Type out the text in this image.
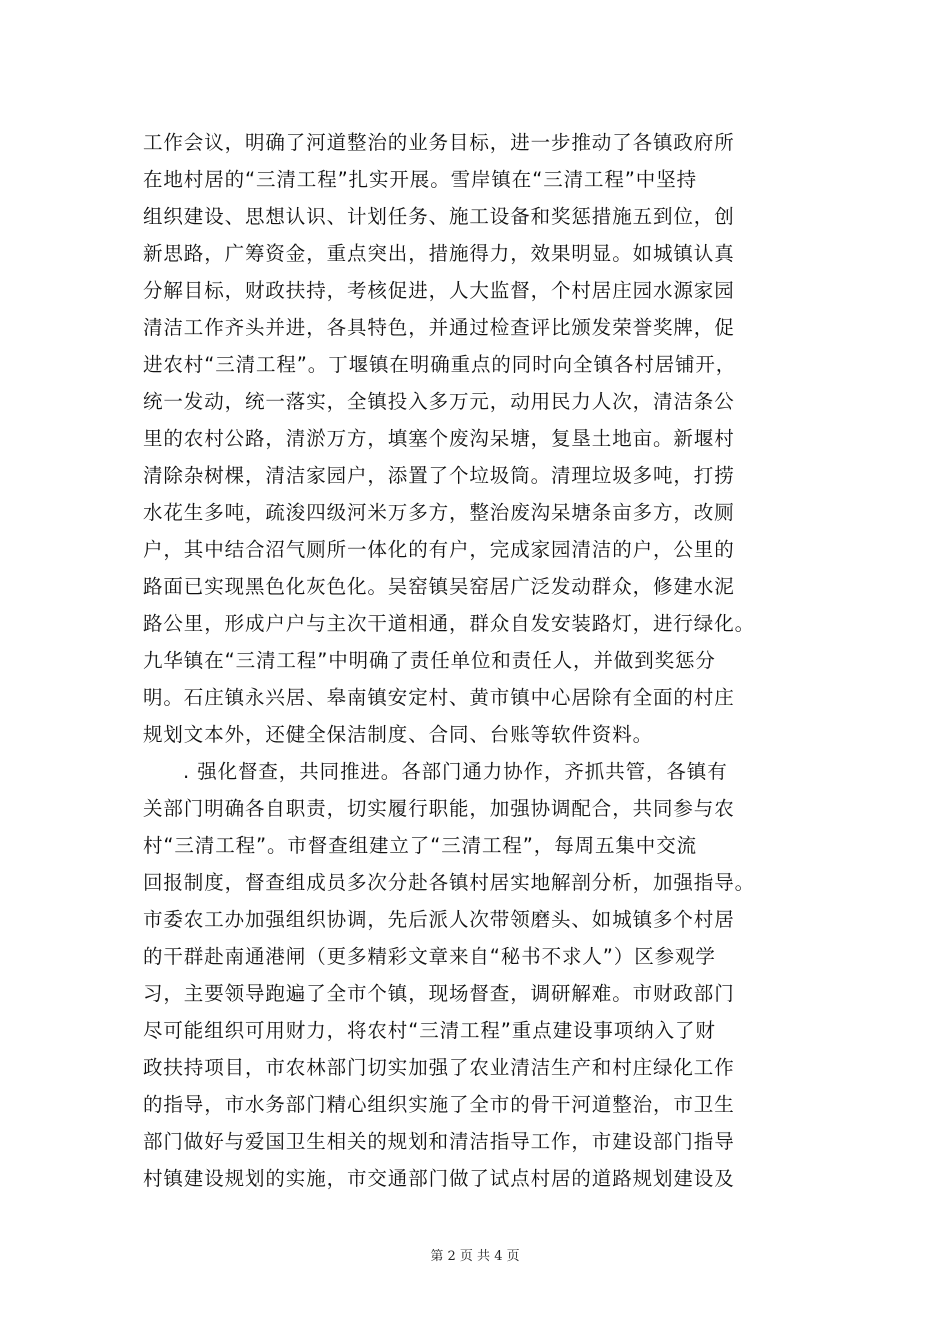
工作会议，明确了河道整治的业务目标，进一步推动了各镇政府所
在地村居的“三清工程”扎实开展。雪岸镇在“三清工程”中坚持
组织建设、思想认识、计划任务、施工设备和奖惩措施五到位，创
新思路，广筹资金，重点突出，措施得力，效果明显。如城镇认真
分解目标，财政扶持，考核促进，人大监督，个村居庄园水源家园
清洁工作齐头并进，各具特色，并通过检查评比颁发荣誉奖牌，促
进农村“三清工程”。丁堰镇在明确重点的同时向全镇各村居铺开，
统一发动，统一落实，全镇投入多万元，动用民力人次，清洁条公
里的农村公路，清淤万方，填塞个废沟呆塘，复垦土地亩。新堰村
清除杂树棵，清洁家园户，添置了个垃圾筒。清理垃圾多吨，打捞
水花生多吨，疏浚四级河米万多方，整治废沟呆塘条亩多方，改厕
户，其中结合沼气厕所一体化的有户，完成家园清洁的户，公里的
路面已实现黑色化灰色化。吴窑镇吴窑居广泛发动群众，修建水泥
路公里，形成户户与主次干道相通，群众自发安装路灯，进行绿化。
九华镇在“三清工程”中明确了责任单位和责任人，并做到奖惩分
明。石庄镇永兴居、皋南镇安定村、黄市镇中心居除有全面的村庄
规划文本外，还健全保洁制度、合同、台账等软件资料。
. 强化督查，共同推进。各部门通力协作，齐抓共管，各镇有
关部门明确各自职责，切实履行职能，加强协调配合，共同参与农
村“三清工程”。市督查组建立了“三清工程”，每周五集中交流
回报制度，督查组成员多次分赴各镇村居实地解剖分析，加强指导。
市委农工办加强组织协调，先后派人次带领磨头、如城镇多个村居
的干群赴南通港闸（更多精彩文章来自“秘书不求人”）区参观学
习，主要领导跑遍了全市个镇，现场督查，调研解难。市财政部门
尽可能组织可用财力，将农村“三清工程”重点建设事项纳入了财
政扶持项目，市农林部门切实加强了农业清洁生产和村庄绿化工作
的指导，市水务部门精心组织实施了全市的骨干河道整治，市卫生
部门做好与爱国卫生相关的规划和清洁指导工作，市建设部门指导
村镇建设规划的实施，市交通部门做了试点村居的道路规划建设及
第 2 页 共 4 页
